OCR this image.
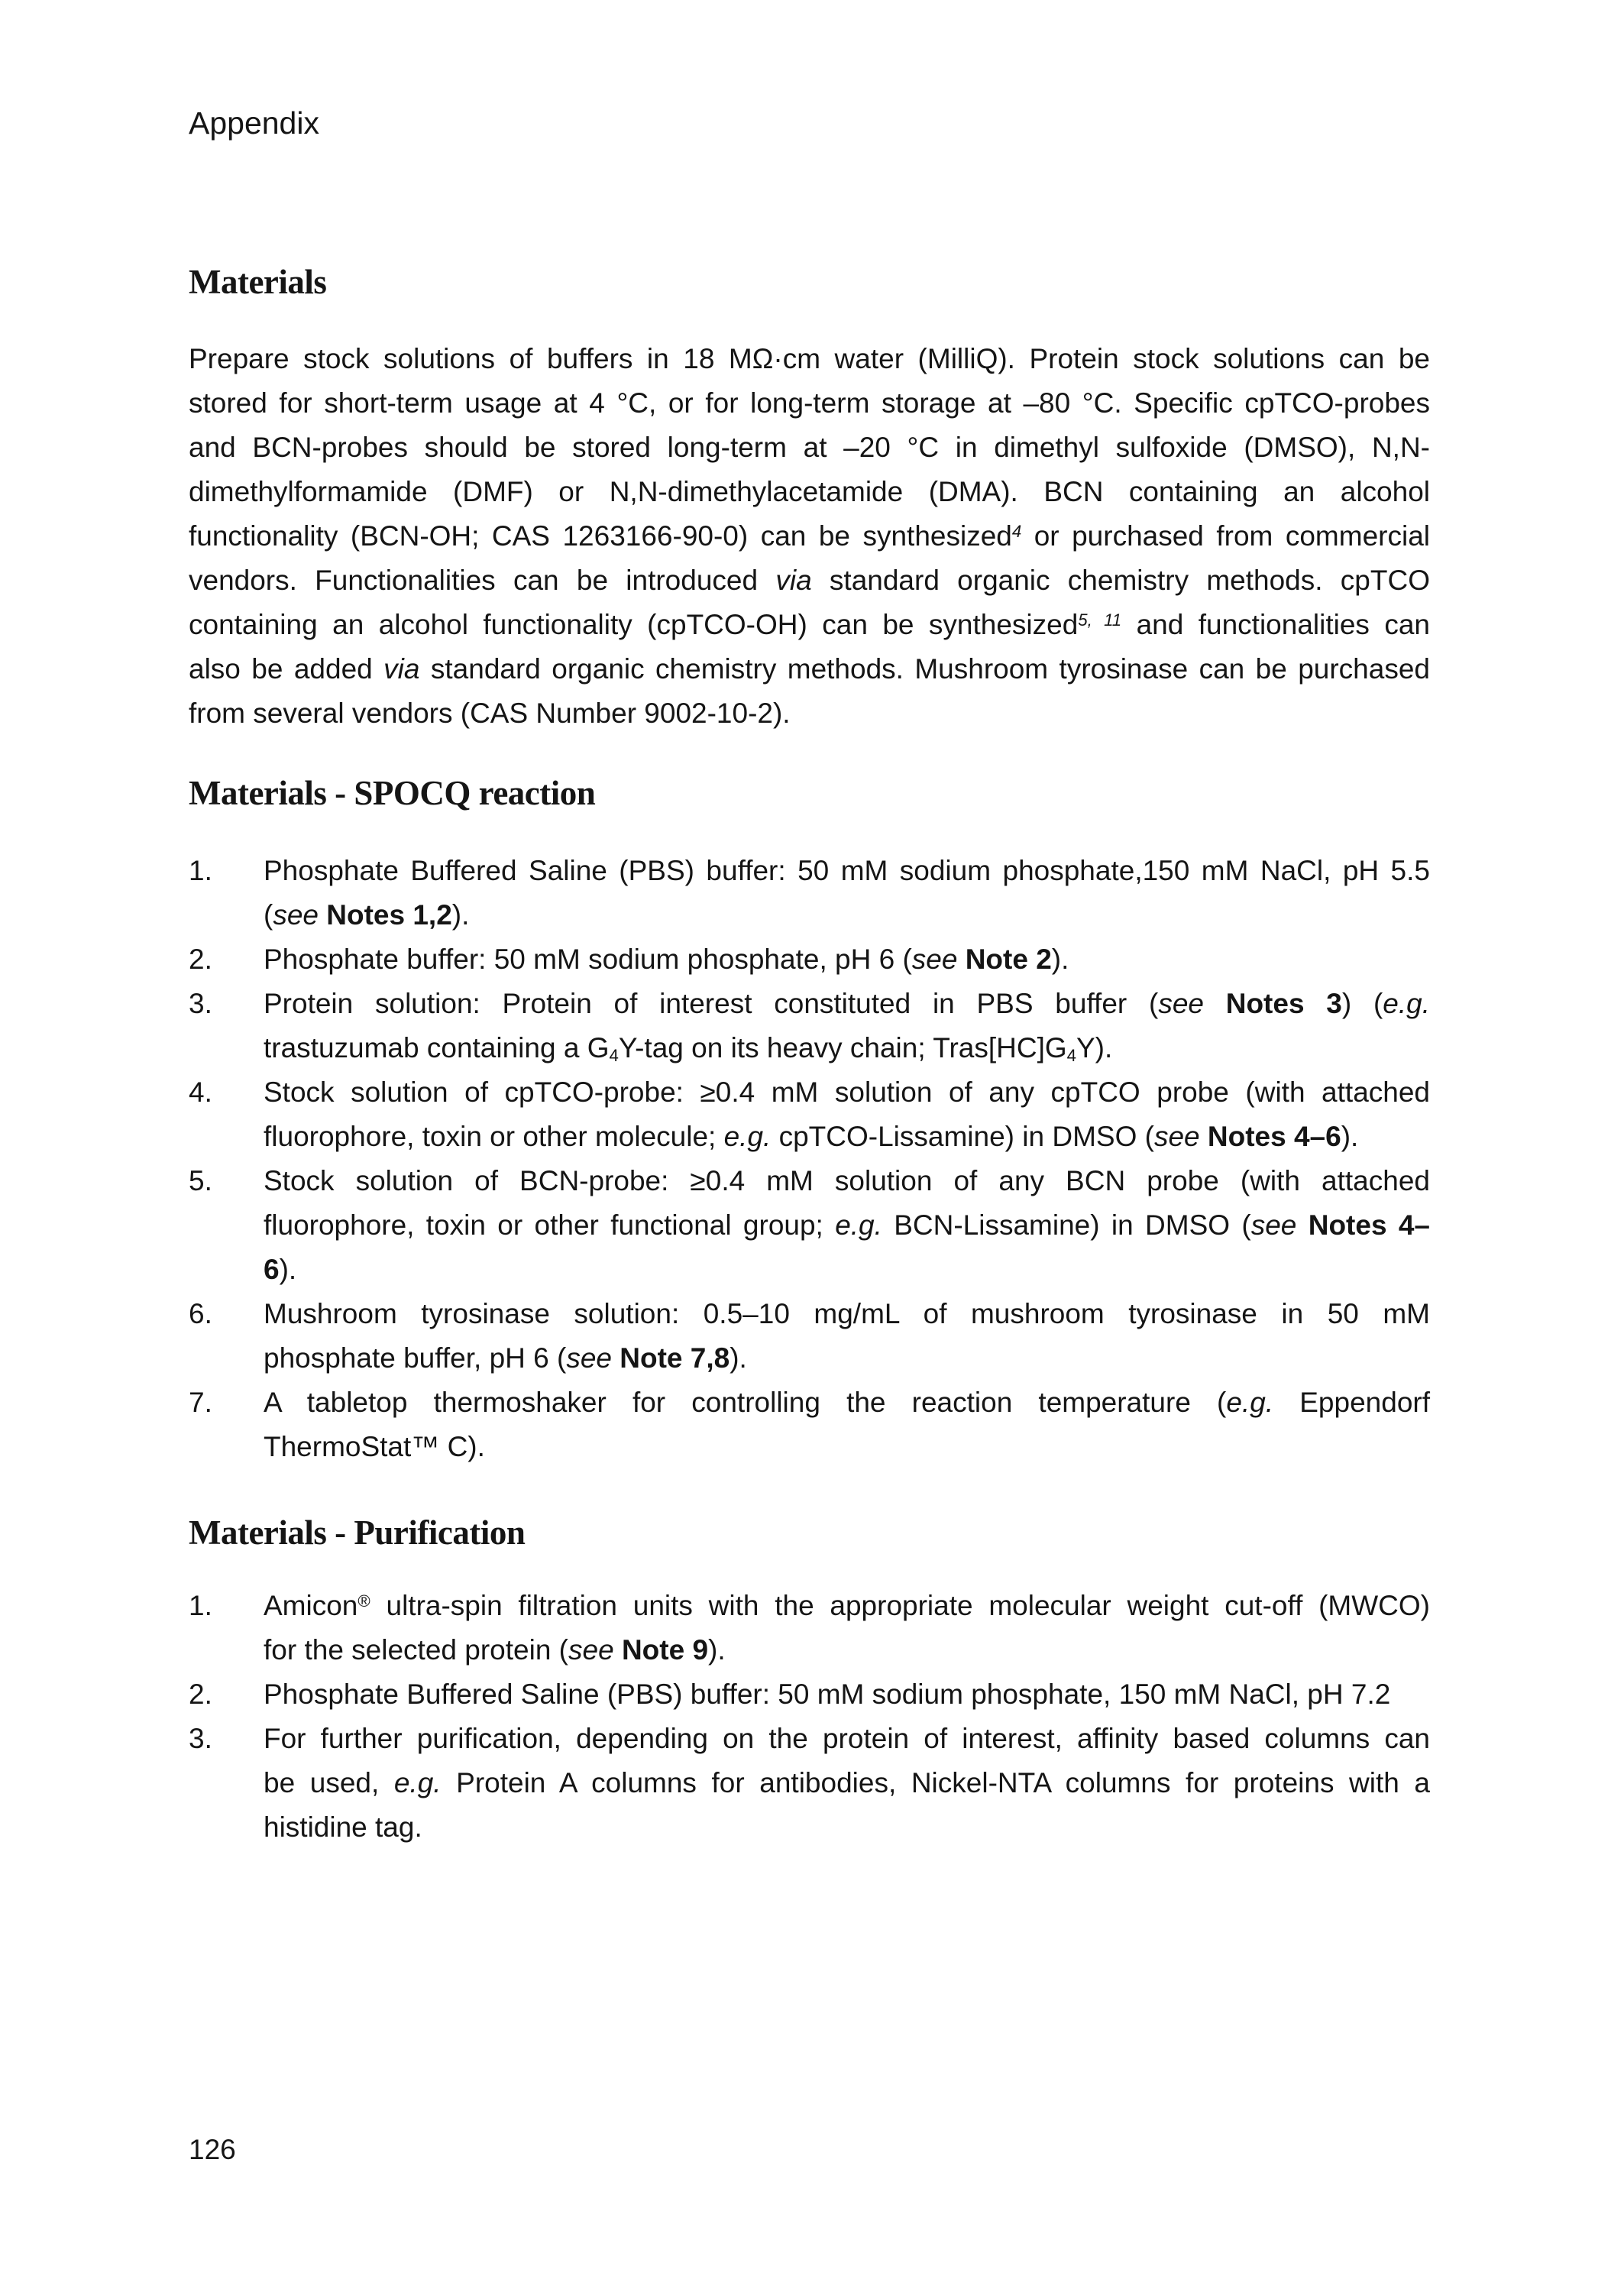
Appendix
Materials
Prepare stock solutions of buffers in 18 MΩ·cm water (MilliQ). Protein stock solutions can be
stored for short-term usage at 4 °C, or for long-term storage at –80 °C. Specific cpTCO-probes
and BCN-probes should be stored long-term at –20 °C in dimethyl sulfoxide (DMSO), N,N-
dimethylformamide (DMF) or N,N-dimethylacetamide (DMA). BCN containing an alcohol
functionality (BCN-OH; CAS 1263166-90-0) can be synthesized$^4$ or purchased from commercial
vendors. Functionalities can be introduced via standard organic chemistry methods. cpTCO
containing an alcohol functionality (cpTCO-OH) can be synthesized$^{5, 11}$ and functionalities can
also be added via standard organic chemistry methods. Mushroom tyrosinase can be purchased
from several vendors (CAS Number 9002-10-2).
Materials - SPOCQ reaction
1. Phosphate Buffered Saline (PBS) buffer: 50 mM sodium phosphate,150 mM NaCl, pH 5.5
(see Notes 1,2).
2. Phosphate buffer: 50 mM sodium phosphate, pH 6 (see Note 2).
3. Protein solution: Protein of interest constituted in PBS buffer (see Notes 3) (e.g.
trastuzumab containing a G4Y-tag on its heavy chain; Tras[HC]G4Y).
4. Stock solution of cpTCO-probe: ≥0.4 mM solution of any cpTCO probe (with attached
fluorophore, toxin or other molecule; e.g. cpTCO-Lissamine) in DMSO (see Notes 4–6).
5. Stock solution of BCN-probe: ≥0.4 mM solution of any BCN probe (with attached
fluorophore, toxin or other functional group; e.g. BCN-Lissamine) in DMSO (see Notes 4–
6).
6. Mushroom tyrosinase solution: 0.5–10 mg/mL of mushroom tyrosinase in 50 mM
phosphate buffer, pH 6 (see Note 7,8).
7. A tabletop thermoshaker for controlling the reaction temperature (e.g. Eppendorf
ThermoStat™ C).
Materials - Purification
1. Amicon® ultra-spin filtration units with the appropriate molecular weight cut-off (MWCO)
for the selected protein (see Note 9).
2. Phosphate Buffered Saline (PBS) buffer: 50 mM sodium phosphate, 150 mM NaCl, pH 7.2
3. For further purification, depending on the protein of interest, affinity based columns can
be used, e.g. Protein A columns for antibodies, Nickel-NTA columns for proteins with a
histidine tag.
126
